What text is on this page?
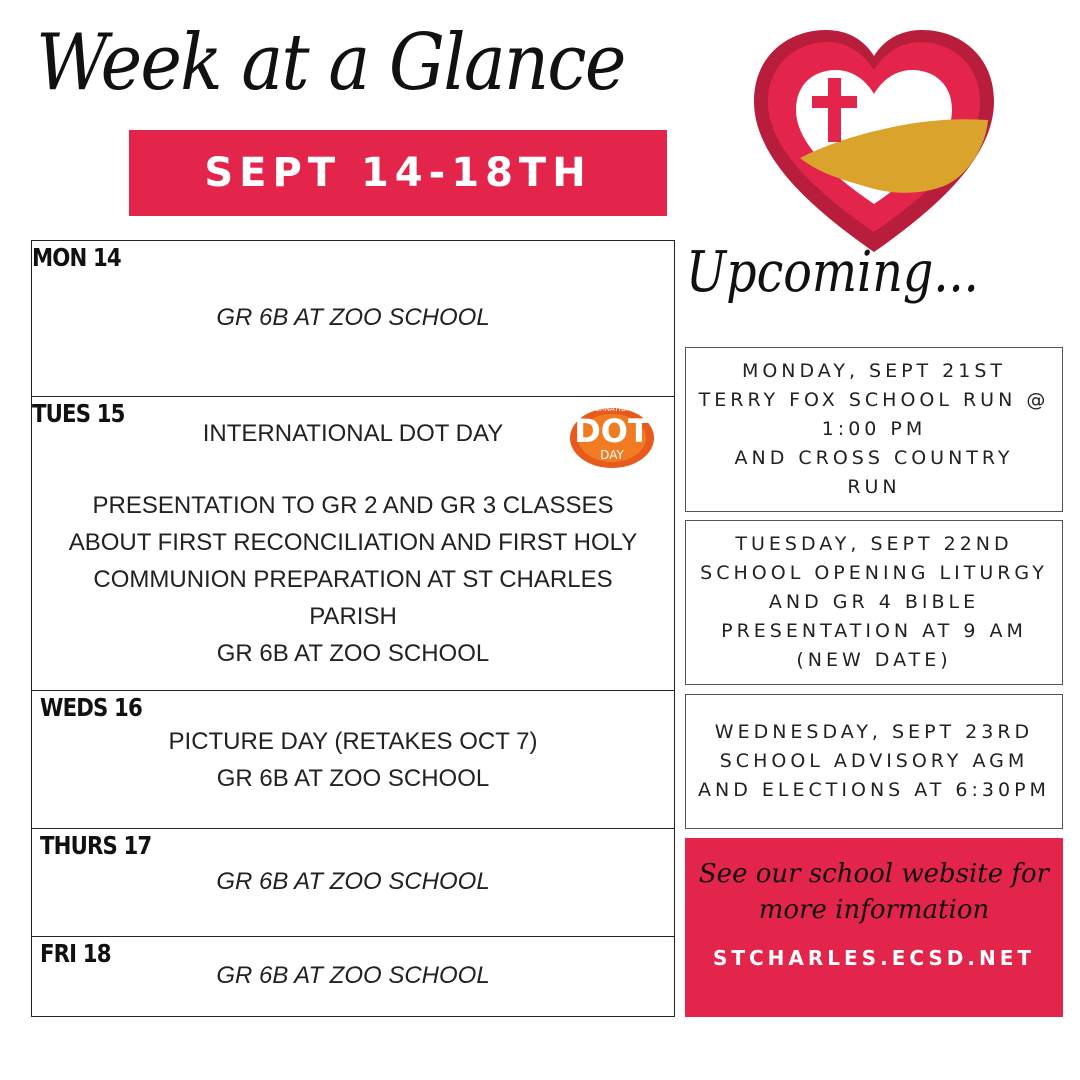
Week at a Glance
SEPT 14-18TH
MON 14
GR 6B AT ZOO SCHOOL
TUES 15
INTERNATIONAL DOT DAY
PRESENTATION TO GR 2 AND GR 3 CLASSES
ABOUT FIRST RECONCILIATION AND FIRST HOLY
COMMUNION PREPARATION AT ST CHARLES
PARISH
GR 6B AT ZOO SCHOOL
INTERNATIONAL
DOT
DAY
WEDS 16
PICTURE DAY (RETAKES OCT 7)
GR 6B AT ZOO SCHOOL
THURS 17
GR 6B AT ZOO SCHOOL
FRI 18
GR 6B AT ZOO SCHOOL
Upcoming...
MONDAY, SEPT 21ST
TERRY FOX SCHOOL RUN @
1:00 PM
AND CROSS COUNTRY
RUN
TUESDAY, SEPT 22ND
SCHOOL OPENING LITURGY
AND GR 4 BIBLE
PRESENTATION AT 9 AM
(NEW DATE)
WEDNESDAY, SEPT 23RD
SCHOOL ADVISORY AGM
AND ELECTIONS AT 6:30PM
See our school website for
more information
STCHARLES.ECSD.NET
